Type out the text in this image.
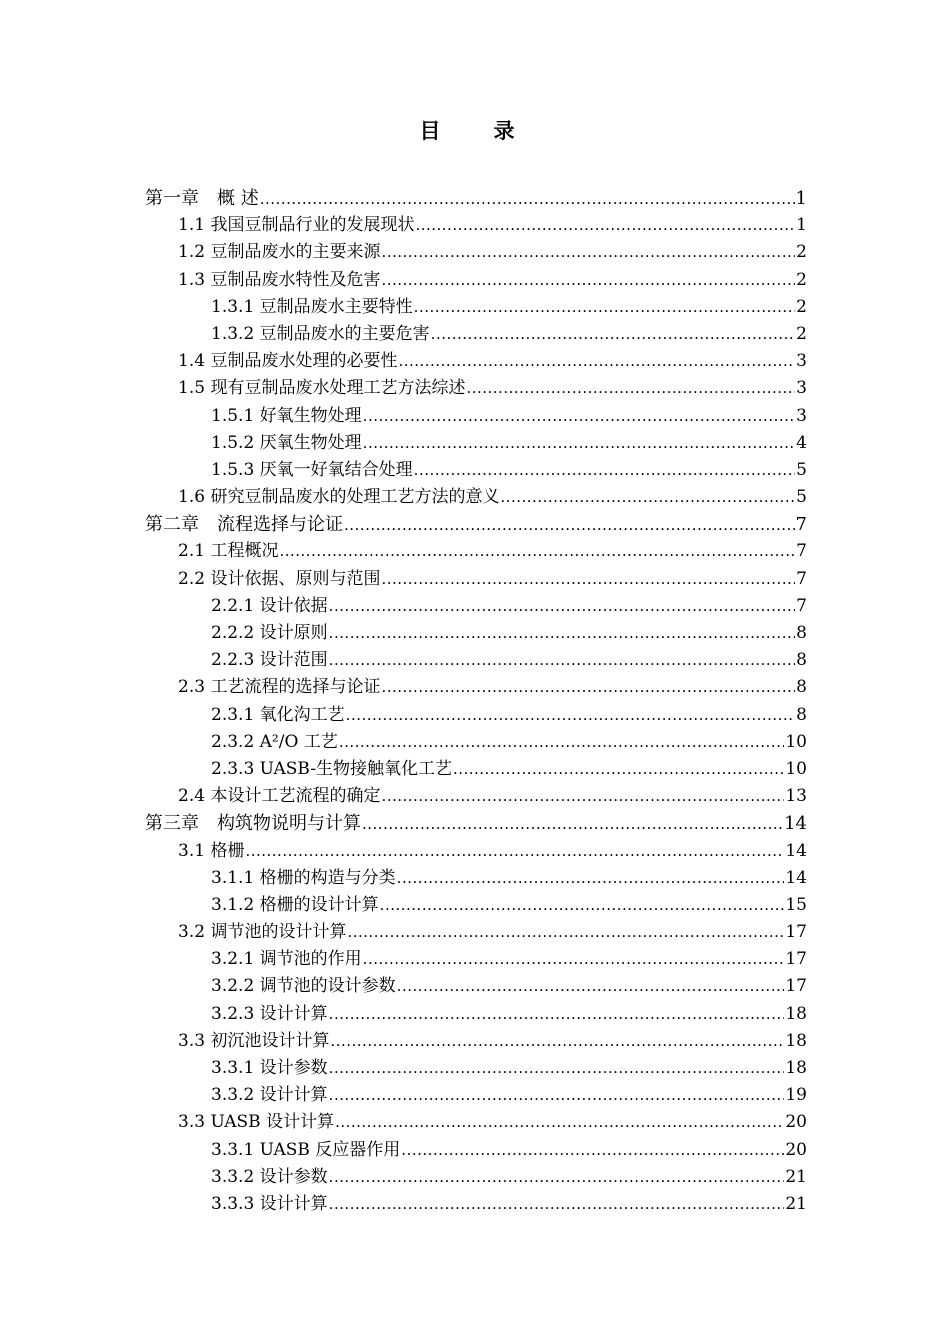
目　录
第一章　概 述 .....	1
1.1 我国豆制品行业的发展现状 .....	1
1.2 豆制品废水的主要来源 .....	2
1.3 豆制品废水特性及危害 .....	2
1.3.1 豆制品废水主要特性 .....	2
1.3.2 豆制品废水的主要危害 .....	2
1.4 豆制品废水处理的必要性 .....	3
1.5 现有豆制品废水处理工艺方法综述 .....	3
1.5.1 好氧生物处理 .....	3
1.5.2 厌氧生物处理 .....	4
1.5.3 厌氧一好氧结合处理 .....	5
1.6 研究豆制品废水的处理工艺方法的意义 .....	5
第二章　流程选择与论证 .....	7
2.1 工程概况 .....	7
2.2 设计依据、原则与范围 .....	7
2.2.1 设计依据 .....	7
2.2.2 设计原则 .....	8
2.2.3 设计范围 .....	8
2.3 工艺流程的选择与论证 .....	8
2.3.1 氧化沟工艺 .....	8
2.3.2 A²/O 工艺 .....	10
2.3.3 UASB-生物接触氧化工艺 .....	10
2.4 本设计工艺流程的确定 .....	13
第三章　构筑物说明与计算 .....	14
3.1 格栅 .....	14
3.1.1 格栅的构造与分类 .....	14
3.1.2 格栅的设计计算 .....	15
3.2 调节池的设计计算 .....	17
3.2.1 调节池的作用 .....	17
3.2.2 调节池的设计参数 .....	17
3.2.3 设计计算 .....	18
3.3 初沉池设计计算 .....	18
3.3.1 设计参数 .....	18
3.3.2 设计计算 .....	19
3.3 UASB 设计计算 .....	20
3.3.1 UASB 反应器作用 .....	20
3.3.2 设计参数 .....	21
3.3.3 设计计算 .....	21
